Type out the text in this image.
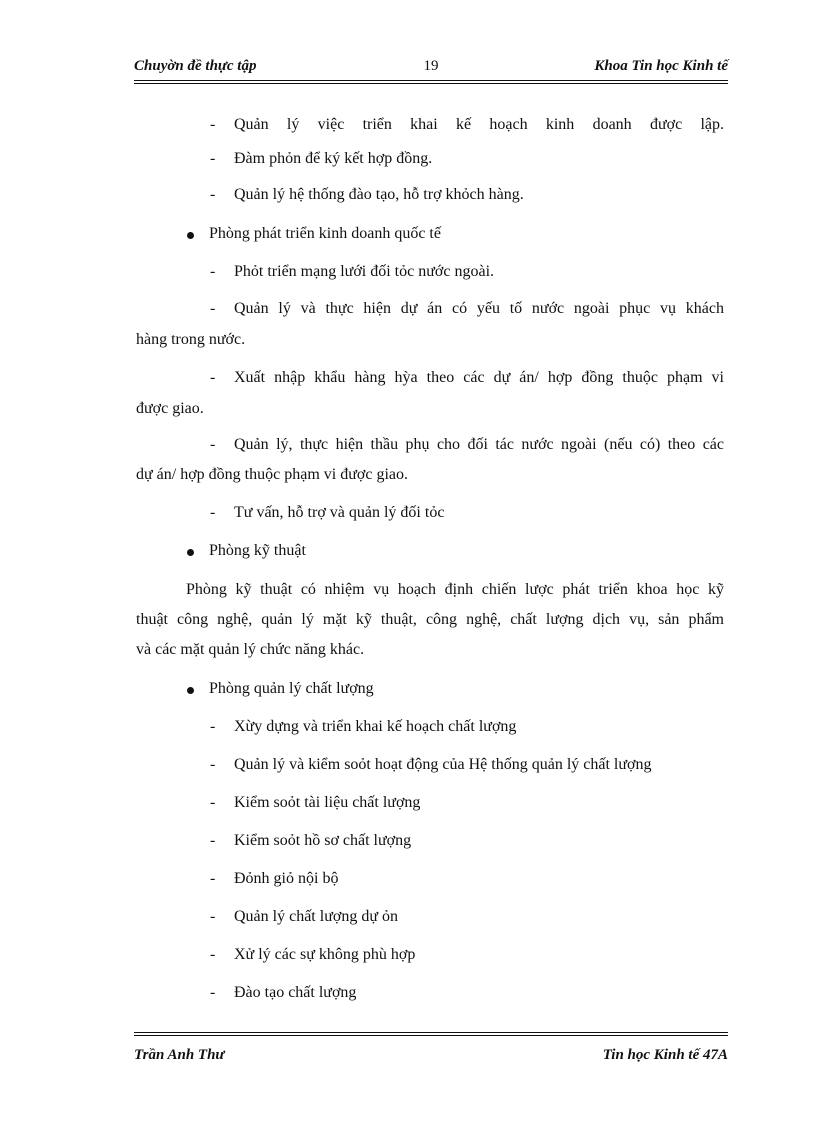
Chuyờn đề thực tập	19	Khoa Tin học Kinh tế
- Quản lý việc triển khai kế hoạch kinh doanh được lập.
- Đàm phỏn để ký kết hợp đồng.
- Quản lý hệ thống đào tạo, hỗ trợ khỏch hàng.
Phòng phát triển kinh doanh quốc tế
- Phỏt triển mạng lưới đối tỏc nước ngoài.
- Quản lý và thực hiện dự án có yếu tố nước ngoài phục vụ khách
hàng trong nước.
- Xuất nhập khẩu hàng hỳa theo các dự án/ hợp đồng thuộc phạm vi
được giao.
- Quản lý, thực hiện thầu phụ cho đối tác nước ngoài (nếu có) theo các
dự án/ hợp đồng thuộc phạm vi được giao.
- Tư vấn, hỗ trợ và quản lý đối tỏc
Phòng kỹ thuật
Phòng kỹ thuật có nhiệm vụ hoạch định chiến lược phát triển khoa học kỹ
thuật công nghệ, quản lý mặt kỹ thuật, công nghệ, chất lượng dịch vụ, sản phẩm
và các mặt quản lý chức năng khác.
Phòng quản lý chất lượng
- Xừy dựng và triển khai kế hoạch chất lượng
- Quản lý và kiểm soỏt hoạt động của Hệ thống quản lý chất lượng
- Kiểm soỏt tài liệu chất lượng
- Kiểm soỏt hồ sơ chất lượng
- Đỏnh giỏ nội bộ
- Quản lý chất lượng dự ỏn
- Xử lý các sự không phù hợp
- Đào tạo chất lượng
Trần Anh Thư	Tin học Kinh tế 47A
